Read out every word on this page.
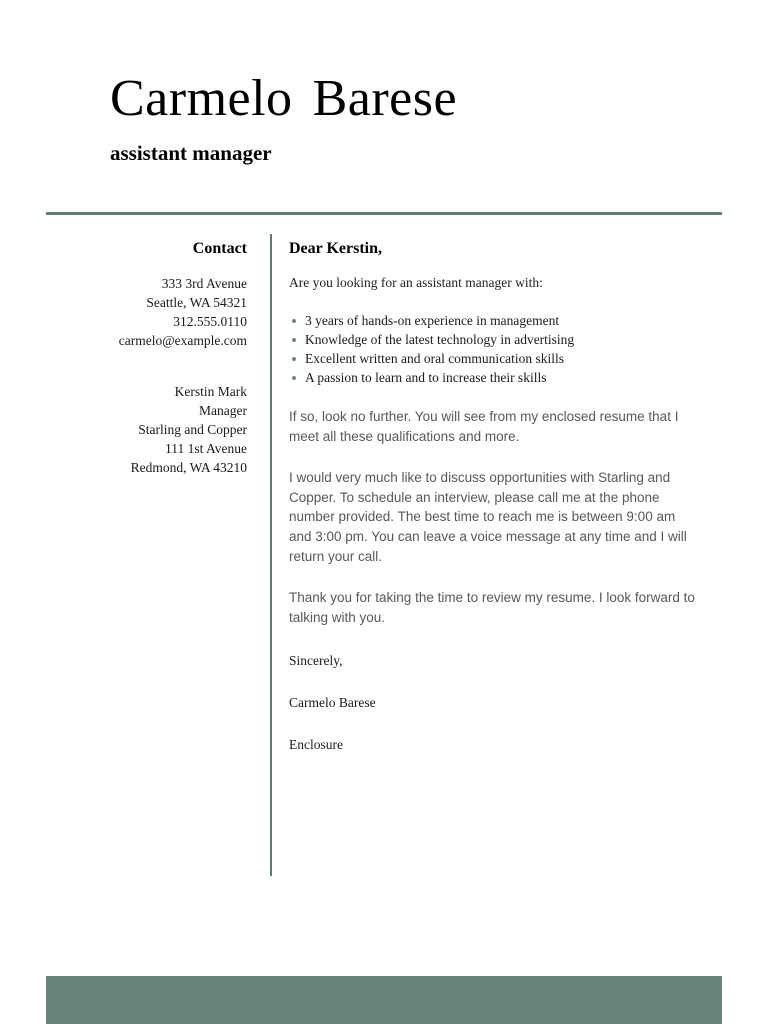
Carmelo Barese
assistant manager
Contact
333 3rd Avenue
Seattle, WA 54321
312.555.0110
carmelo@example.com
Kerstin Mark
Manager
Starling and Copper
111 1st Avenue
Redmond, WA 43210
Dear Kerstin,
Are you looking for an assistant manager with:
3 years of hands-on experience in management
Knowledge of the latest technology in advertising
Excellent written and oral communication skills
A passion to learn and to increase their skills

If so, look no further. You will see from my enclosed resume that I meet all these qualifications and more.

I would very much like to discuss opportunities with Starling and Copper. To schedule an interview, please call me at the phone number provided. The best time to reach me is between 9:00 am and 3:00 pm. You can leave a voice message at any time and I will return your call.

Thank you for taking the time to review my resume. I look forward to talking with you.

Sincerely,
Carmelo Barese
Enclosure
